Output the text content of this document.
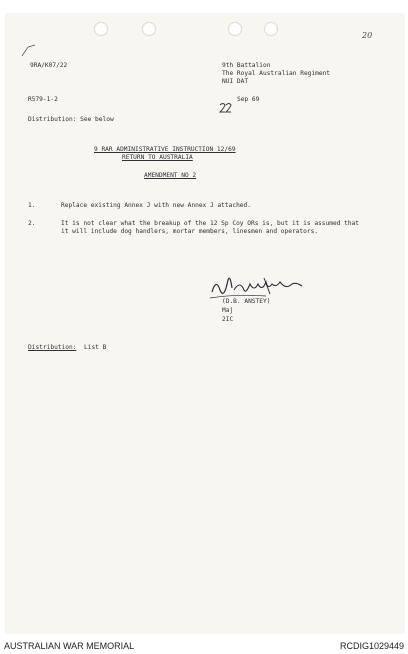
20
9RA/K07/22	9th Battalion
The Royal Australian Regiment
NUI DAT
R579-1-2	Sep 69
Distribution: See below
9 RAR ADMINISTRATIVE INSTRUCTION 12/69
RETURN TO AUSTRALIA
AMENDMENT NO 2
1.	Replace existing Annex J with new Annex J attached.
2.	It is not clear what the breakup of the 12 Sp Coy ORs is, but it is assumed that it will include dog handlers, mortar members, linesmen and operators.
(D.B. ANSTEY)
Maj
2IC
Distribution: List B
AUSTRALIAN WAR MEMORIAL	RCDIG1029449
